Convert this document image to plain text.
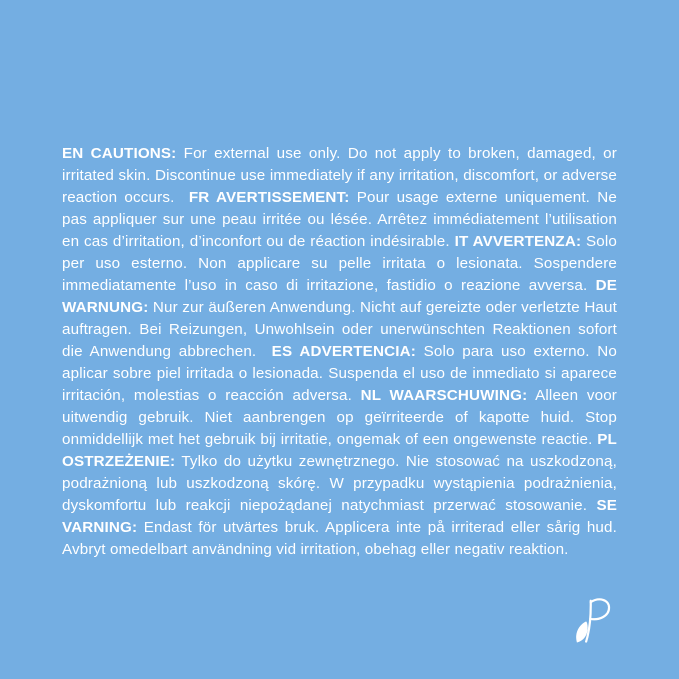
EN CAUTIONS: For external use only. Do not apply to broken, damaged, or irritated skin. Discontinue use immediately if any irritation, discomfort, or adverse reaction occurs.  FR AVERTISSEMENT: Pour usage externe uniquement. Ne pas appliquer sur une peau irritée ou lésée. Arrêtez immédiatement l’utilisation en cas d’irritation, d’inconfort ou de réaction indésirable. IT AVVERTENZA: Solo per uso esterno. Non applicare su pelle irritata o lesionata. Sospendere immediatamente l’uso in caso di irritazione, fastidio o reazione avversa. DE WARNUNG: Nur zur äußeren Anwendung. Nicht auf gereizte oder verletzte Haut auftragen. Bei Reizungen, Unwohlsein oder unerwünschten Reaktionen sofort die Anwendung abbrechen.  ES ADVERTENCIA: Solo para uso externo. No aplicar sobre piel irritada o lesionada. Suspenda el uso de inmediato si aparece irritación, molestias o reacción adversa. NL WAARSCHUWING: Alleen voor uitwendig gebruik. Niet aanbrengen op geïrriteerde of kapotte huid. Stop onmiddellijk met het gebruik bij irritatie, ongemak of een ongewenste reactie. PL OSTRZEŻENIE: Tylko do użytku zewnętrznego. Nie stosować na uszkodzoną, podrażnioną lub uszkodzoną skórę. W przypadku wystąpienia podrażnienia, dyskomfortu lub reakcji niepożądanej natychmiast przerwać stosowanie. SE VARNING: Endast för utvärtes bruk. Applicera inte på irriterad eller sårig hud. Avbryt omedelbart användning vid irritation, obehag eller negativ reaktion.
